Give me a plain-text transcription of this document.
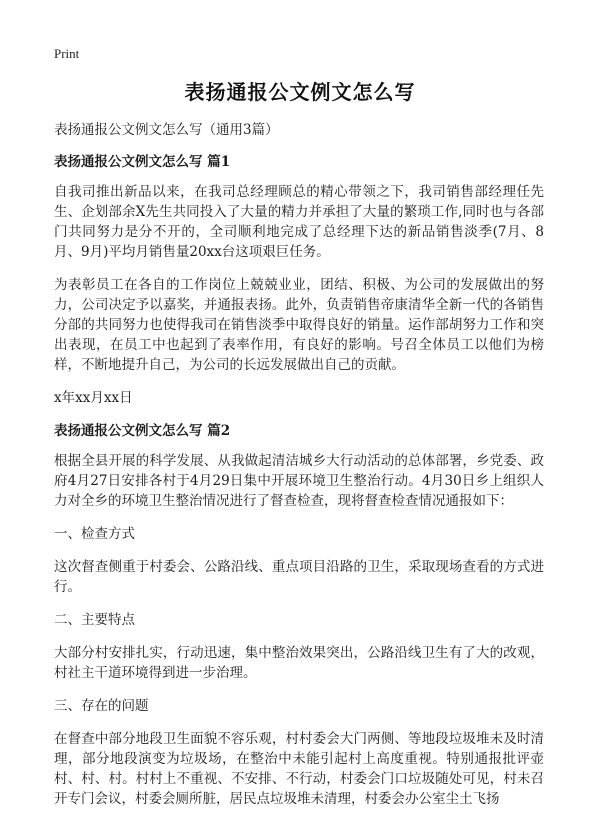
Print
表扬通报公文例文怎么写

表扬通报公文例文怎么写（通用3篇）

表扬通报公文例文怎么写 篇1

自我司推出新品以来，在我司总经理顾总的精心带领之下，我司销售部经理任先生、企划部余X先生共同投入了大量的精力并承担了大量的繁琐工作,同时也与各部门共同努力是分不开的，全司顺利地完成了总经理下达的新品销售淡季(7月、8月、9月)平均月销售量20xx台这项艰巨任务。

为表彰员工在各自的工作岗位上兢兢业业，团结、积极、为公司的发展做出的努力，公司决定予以嘉奖，并通报表扬。此外，负责销售帝康清华全新一代的各销售分部的共同努力也使得我司在销售淡季中取得良好的销量。运作部胡努力工作和突出表现，在员工中也起到了表率作用，有良好的影响。号召全体员工以他们为榜样，不断地提升自己，为公司的长远发展做出自己的贡献。

x年xx月xx日

表扬通报公文例文怎么写 篇2

根据全县开展的科学发展、从我做起清洁城乡大行动活动的总体部署，乡党委、政府4月27日安排各村于4月29日集中开展环境卫生整治行动。4月30日乡上组织人力对全乡的环境卫生整治情况进行了督查检查，现将督查检查情况通报如下：

一、检查方式

这次督查侧重于村委会、公路沿线、重点项目沿路的卫生，采取现场查看的方式进行。

二、主要特点

大部分村安排扎实，行动迅速，集中整治效果突出，公路沿线卫生有了大的改观，村社主干道环境得到进一步治理。

三、存在的问题

在督查中部分地段卫生面貌不容乐观，村村委会大门两侧、等地段垃圾堆未及时清理，部分地段演变为垃圾场，在整治中未能引起村上高度重视。特别通报批评壶村、村、村。村村上不重视、不安排、不行动，村委会门口垃圾随处可见，村未召开专门会议，村委会厕所脏，居民点垃圾堆未清理，村委会办公室尘土飞扬
